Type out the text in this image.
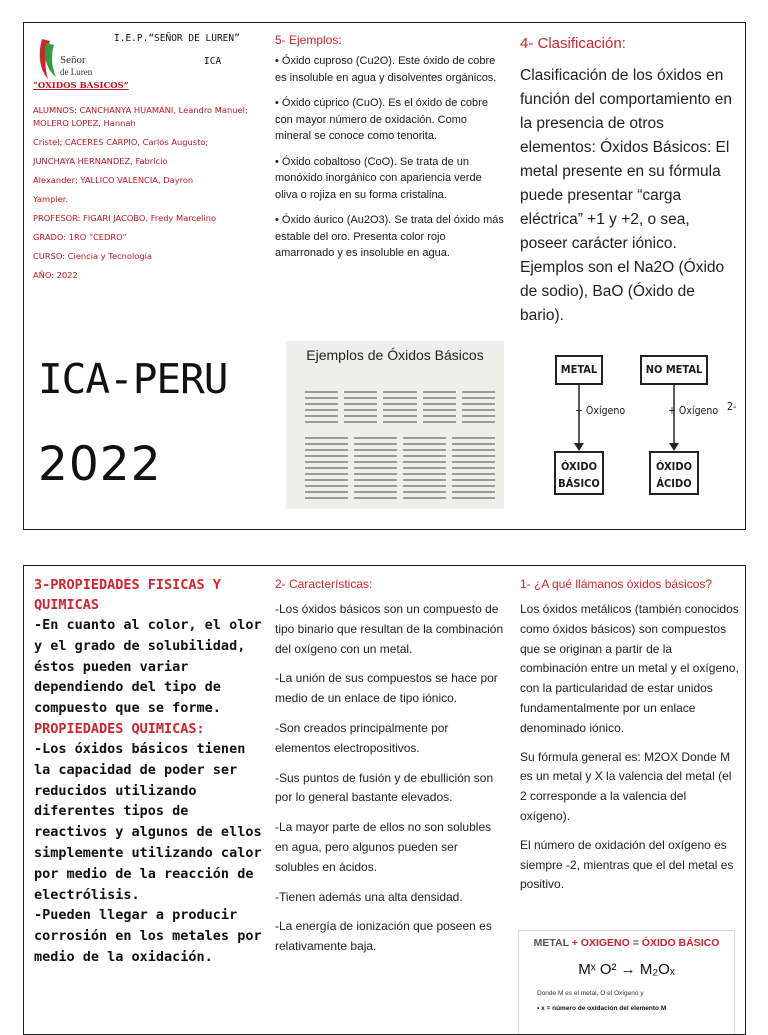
Señor
de Luren
I.E.P.“SEÑOR DE LUREN”
ICA
“OXIDOS BASICOS”

ALUMNOS: CANCHANYA HUAMANI, Leandro Manuel; MOLERO LOPEZ, Hannah

Cristel; CACERES CARPIO, Carlos Augusto;

JUNCHAYA HERNANDEZ, Fabricio

Alexander; YALLICO VALENCIA, Dayron

Yampier.

PROFESOR: FIGARI JACOBO, Fredy Marcelino

GRADO: 1RO “CEDRO”

CURSO: Ciencia y Tecnología

AÑO: 2022

ICA-PERU
2022
5- Ejemplos:

• Óxido cuproso (Cu2O). Este óxido de cobre es insoluble en agua y disolventes orgánicos.

• Óxido cúprico (CuO). Es el óxido de cobre con mayor número de oxidación. Como mineral se conoce como tenorita.

• Óxido cobaltoso (CoO). Se trata de un monóxido inorgánico con apariencia verde oliva o rojiza en su forma cristalina.

• Óxido áurico (Au2O3). Se trata del óxido más estable del oro. Presenta color rojo amarronado y es insoluble en agua.

Ejemplos de Óxidos Básicos
4- Clasificación:

Clasificación de los óxidos en función del comportamiento en la presencia de otros elementos: Óxidos Básicos: El metal presente en su fórmula puede presentar “carga eléctrica” +1 y +2, o sea, poseer carácter iónico. Ejemplos son el Na2O (Óxido de sodio), BaO (Óxido de bario).

METAL	NO METAL
+ Oxígeno	+ Oxígeno 2-
ÓXIDO BÁSICO
ÓXIDO ÁCIDO

3-PROPIEDADES FISICAS Y QUIMICAS

-En cuanto al color, el olor y el grado de solubilidad, éstos pueden variar dependiendo del tipo de compuesto que se forme.

PROPIEDADES QUIMICAS:

-Los óxidos básicos tienen la capacidad de poder ser reducidos utilizando diferentes tipos de reactivos y algunos de ellos simplemente utilizando calor por medio de la reacción de electrólisis.

-Pueden llegar a producir corrosión en los metales por medio de la oxidación.

2- Características:

-Los óxidos básicos son un compuesto de tipo binario que resultan de la combinación del oxígeno con un metal.

-La unión de sus compuestos se hace por medio de un enlace de tipo iónico.

-Son creados principalmente por elementos electropositivos.

-Sus puntos de fusión y de ebullición son por lo general bastante elevados.

-La mayor parte de ellos no son solubles en agua, pero algunos pueden ser solubles en ácidos.

-Tienen además una alta densidad.

-La energía de ionización que poseen es relativamente baja.

1- ¿A qué llámanos óxidos básicos?

Los óxidos metálicos (también conocidos como óxidos básicos) son compuestos que se originan a partir de la combinación entre un metal y el oxígeno, con la particularidad de estar unidos fundamentalmente por un enlace denominado iónico.

Su fórmula general es: M2OX Donde M es un metal y X la valencia del metal (el 2 corresponde a la valencia del oxígeno).

El número de oxidación del oxígeno es siempre -2, mientras que el del metal es positivo.

METAL + OXIGENO = ÓXIDO BÁSICO
Mˣ O² → M₂Oₓ
Donde M es el metal, O el Oxígeno y
• x = número de oxidación del elemento M
